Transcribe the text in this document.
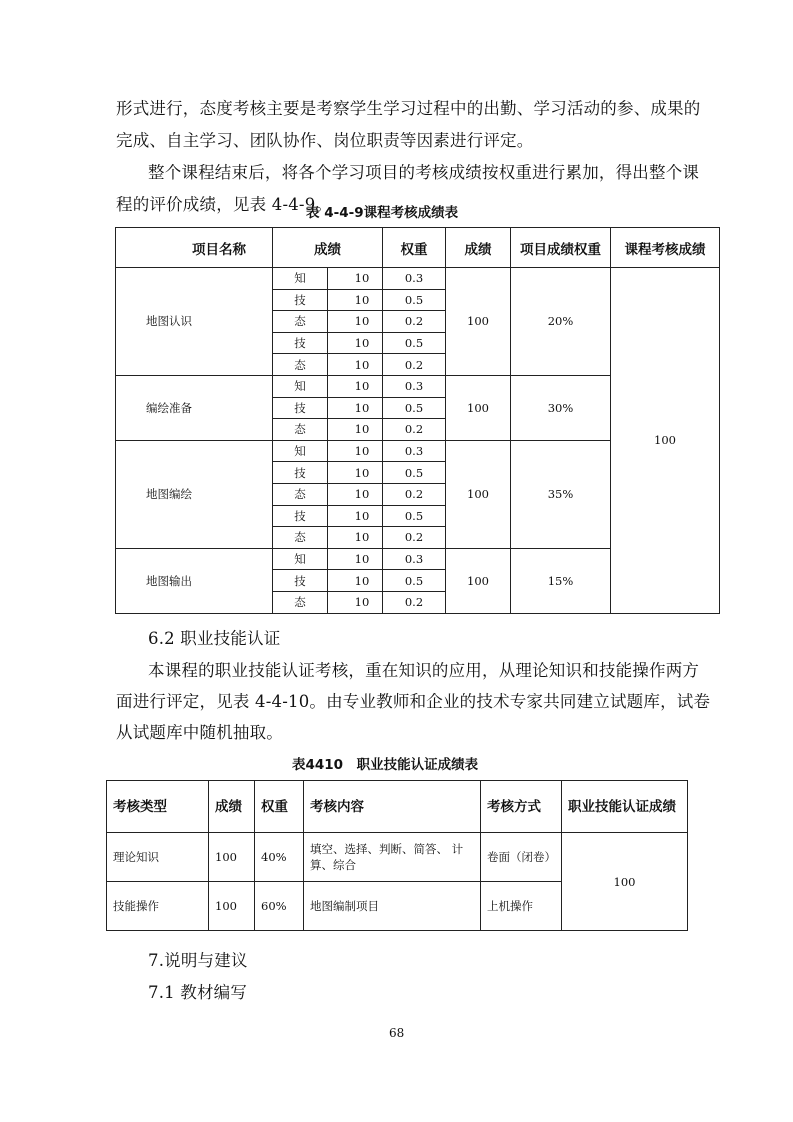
形式进行，态度考核主要是考察学生学习过程中的出勤、学习活动的参、成果的
完成、自主学习、团队协作、岗位职责等因素进行评定。
整个课程结束后，将各个学习项目的考核成绩按权重进行累加，得出整个课
程的评价成绩，见表 4-4-9。
表 4-4-9课程考核成绩表
项目名称	成绩		权重	成绩	项目成绩权重	课程考核成绩
地图认识	知	10	0.3	100	20%	100
	技	10	0.5			
	态	10	0.2			
	技	10	0.5			
	态	10	0.2			
编绘准备	知	10	0.3	100	30%	
	技	10	0.5			
	态	10	0.2			
地图编绘	知	10	0.3	100	35%	
	技	10	0.5			
	态	10	0.2			
	技	10	0.5			
	态	10	0.2			
地图输出	知	10	0.3	100	15%	
	技	10	0.5			
	态	10	0.2			
6.2 职业技能认证
本课程的职业技能认证考核，重在知识的应用，从理论知识和技能操作两方
面进行评定，见表 4-4-10。由专业教师和企业的技术专家共同建立试题库，试卷
从试题库中随机抽取。
表4410　职业技能认证成绩表
考核类型	成绩	权重	考核内容	考核方式	职业技能认证成绩
理论知识	100	40%	填空、选择、判断、简答、 计算、综合	卷面（闭卷）	100
技能操作	100	60%	地图编制项目	上机操作	
7.说明与建议
7.1 教材编写
68
